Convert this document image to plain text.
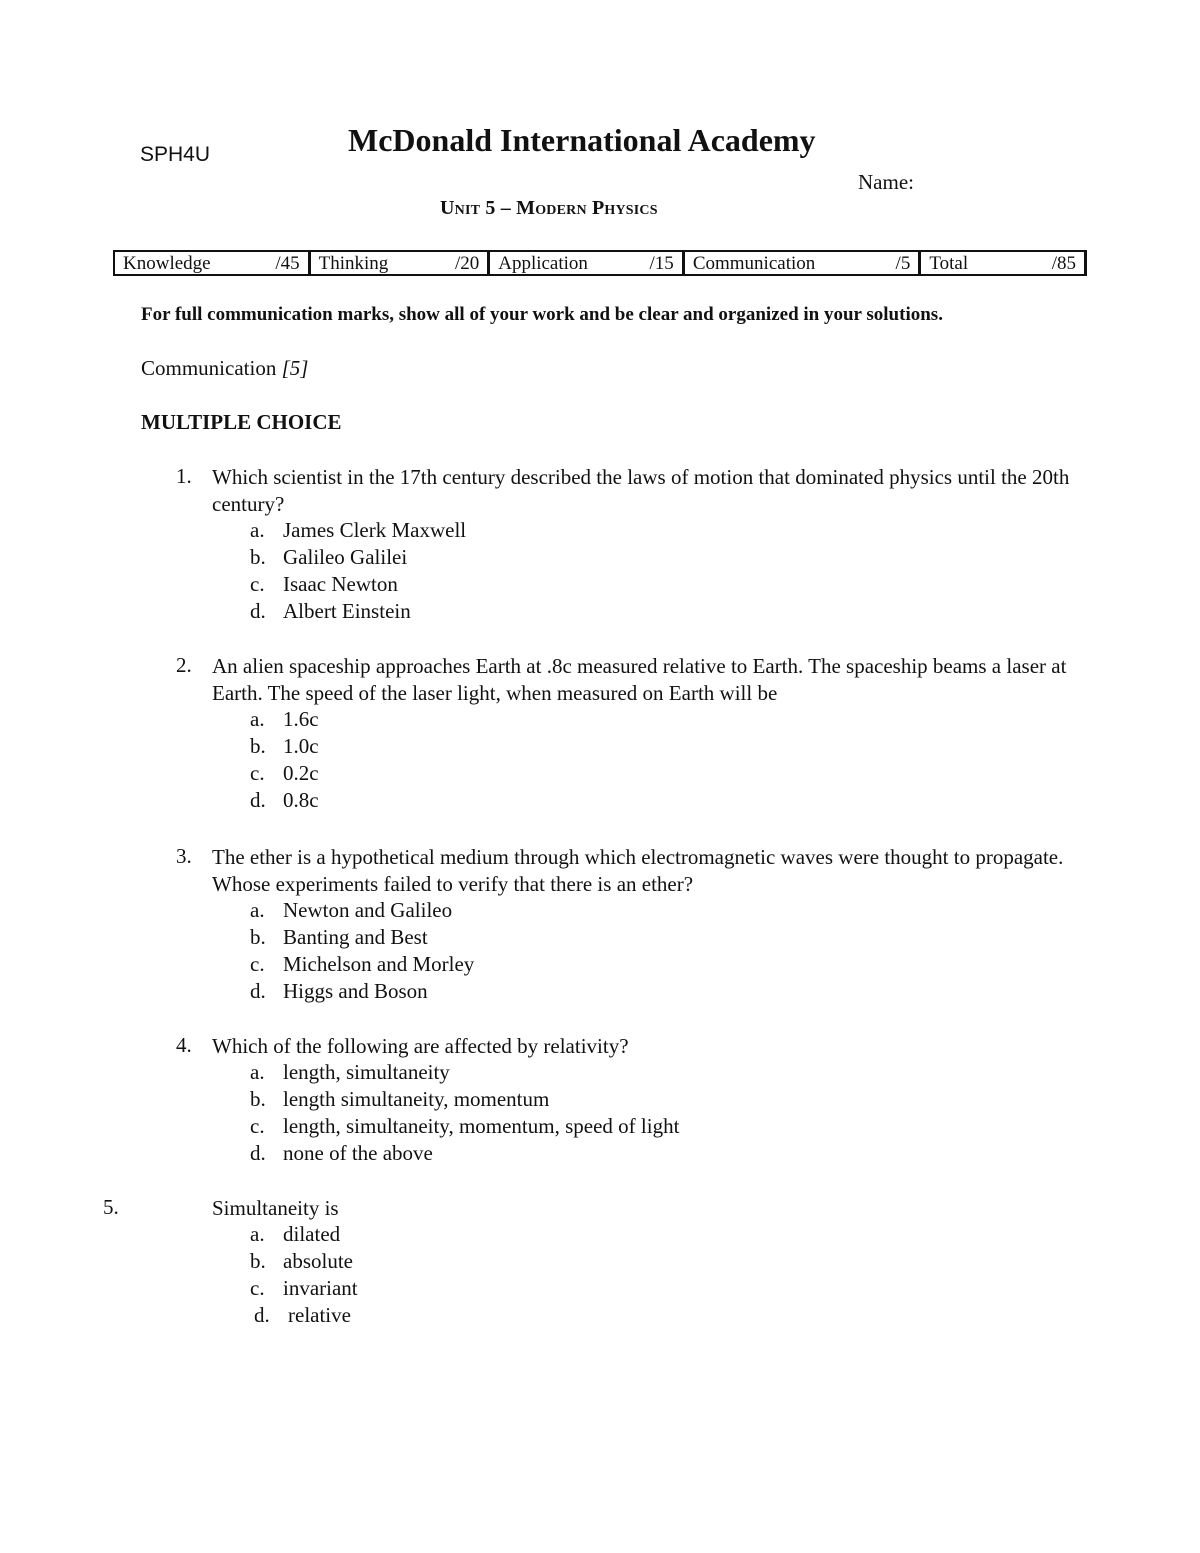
SPH4U	McDonald International Academy
Name:
Unit 5 – Modern Physics
Knowledge	/45 Thinking	/20 Application	/15 Communication	/5 Total	/85
For full communication marks, show all of your work and be clear and organized in your solutions.
Communication [5]
MULTIPLE CHOICE
1. Which scientist in the 17th century described the laws of motion that dominated physics until the 20th century?
a. James Clerk Maxwell
b. Galileo Galilei
c. Isaac Newton
d. Albert Einstein
2. An alien spaceship approaches Earth at .8c measured relative to Earth. The spaceship beams a laser at Earth. The speed of the laser light, when measured on Earth will be
a. 1.6c
b. 1.0c
c. 0.2c
d. 0.8c
3. The ether is a hypothetical medium through which electromagnetic waves were thought to propagate. Whose experiments failed to verify that there is an ether?
a. Newton and Galileo
b. Banting and Best
c. Michelson and Morley
d. Higgs and Boson
4. Which of the following are affected by relativity?
a. length, simultaneity
b. length simultaneity, momentum
c. length, simultaneity, momentum, speed of light
d. none of the above
5.	Simultaneity is
a. dilated
b. absolute
c. invariant
d. relative
